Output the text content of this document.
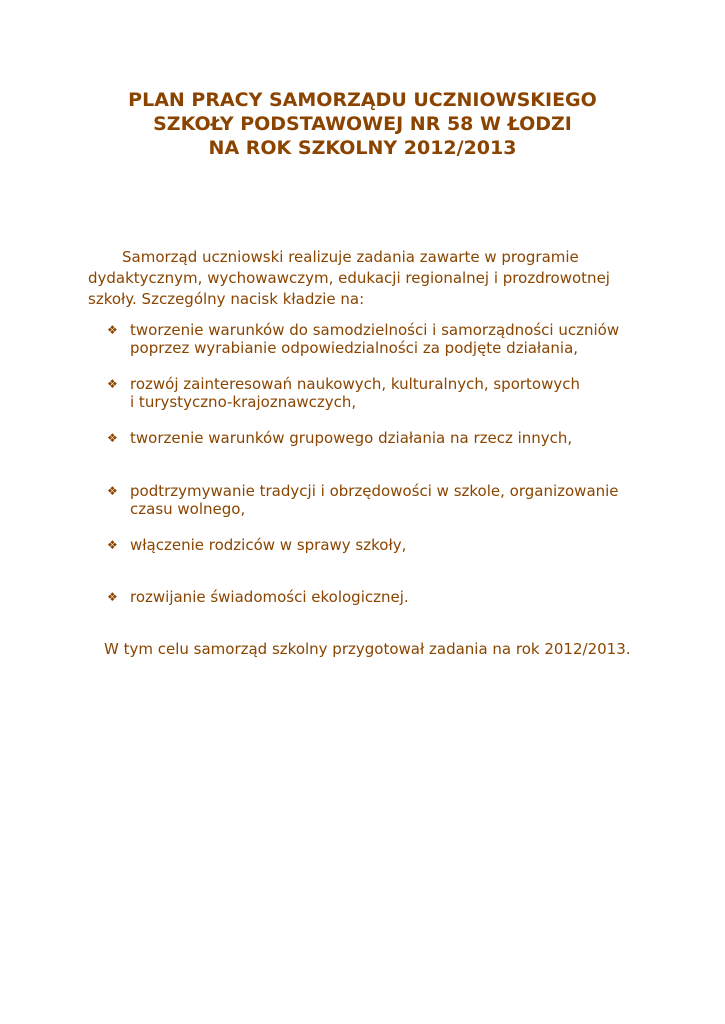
PLAN PRACY SAMORZĄDU UCZNIOWSKIEGO
SZKOŁY PODSTAWOWEJ NR 58 W ŁODZI
NA ROK SZKOLNY 2012/2013
Samorząd uczniowski realizuje zadania zawarte w programie
dydaktycznym, wychowawczym, edukacji regionalnej i prozdrowotnej
szkoły. Szczególny nacisk kładzie na:
❖ tworzenie warunków do samodzielności i samorządności uczniów
poprzez wyrabianie odpowiedzialności za podjęte działania,
❖ rozwój zainteresowań naukowych, kulturalnych, sportowych
i turystyczno-krajoznawczych,
❖ tworzenie warunków grupowego działania na rzecz innych,
❖ podtrzymywanie tradycji i obrzędowości w szkole, organizowanie
czasu wolnego,
❖ włączenie rodziców w sprawy szkoły,
❖ rozwijanie świadomości ekologicznej.
W tym celu samorząd szkolny przygotował zadania na rok 2012/2013.
